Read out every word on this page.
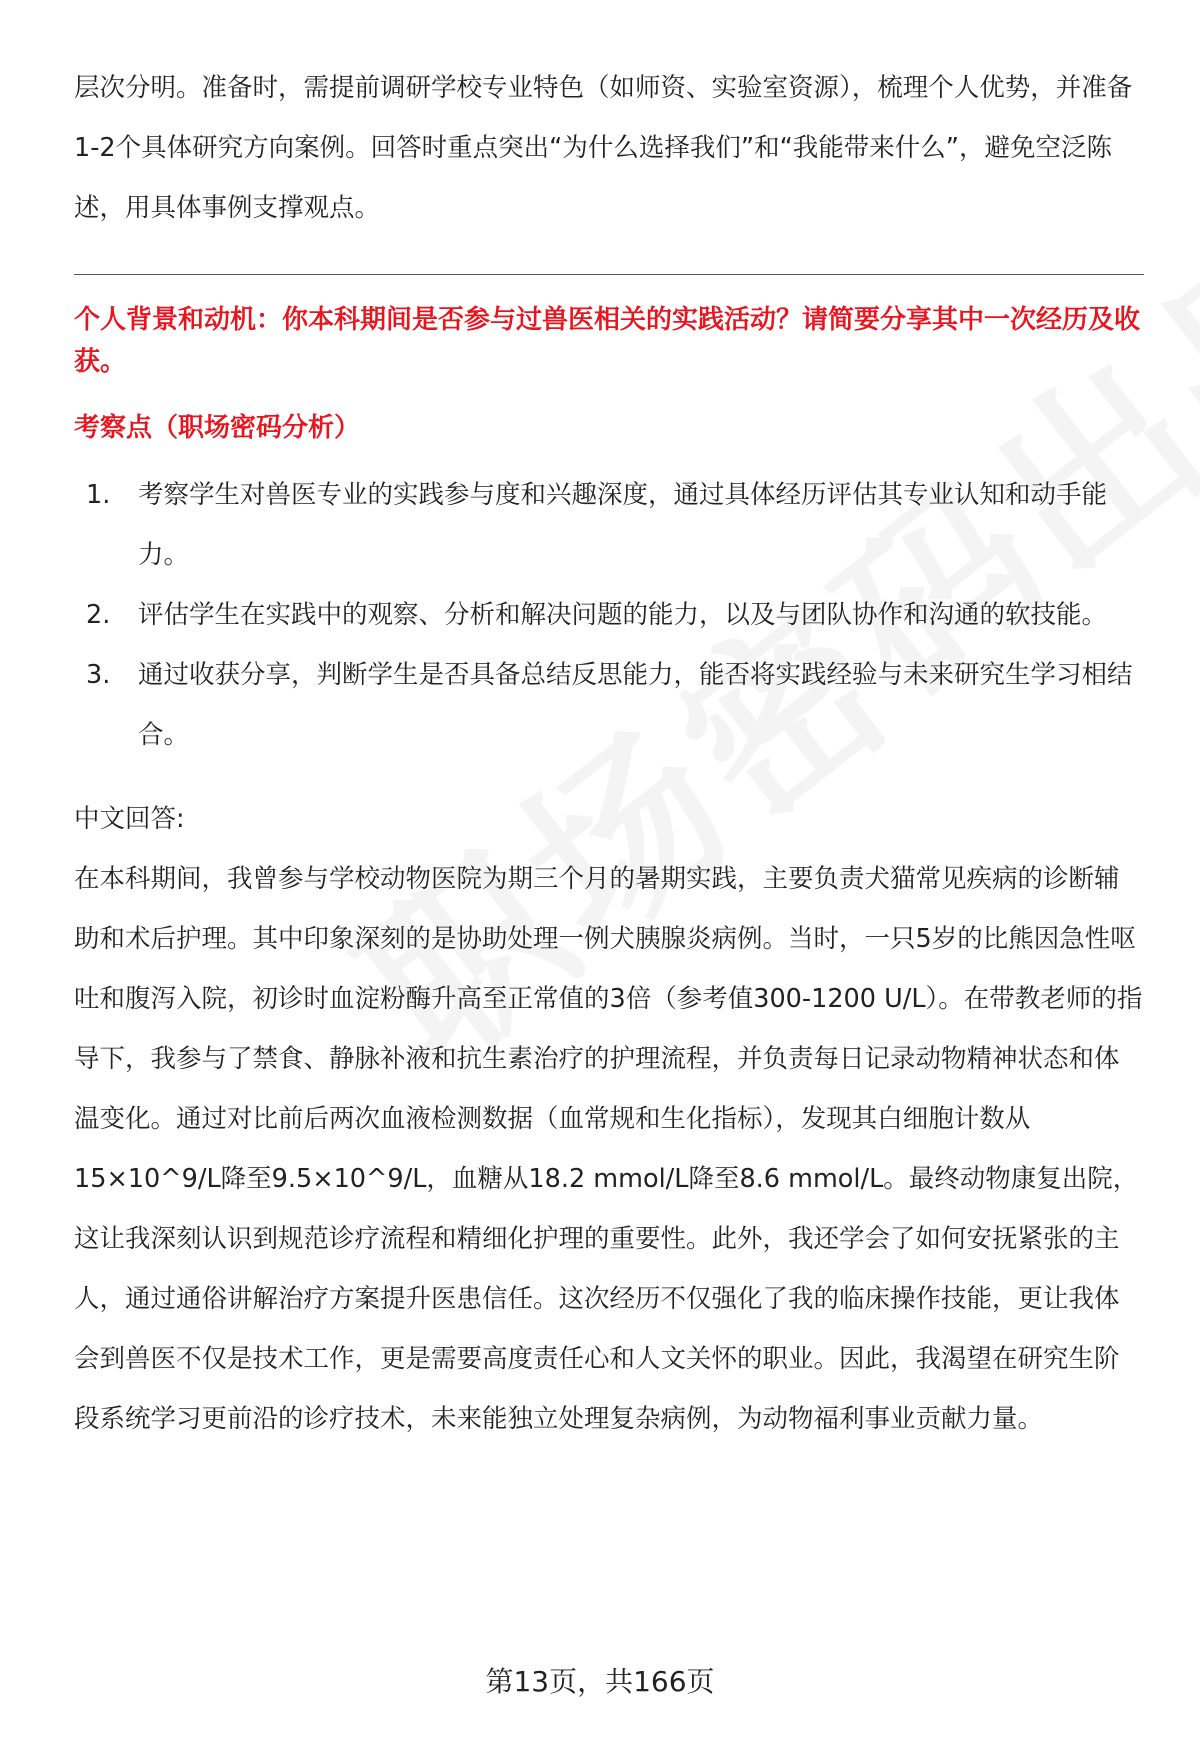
层次分明。准备时，需提前调研学校专业特色（如师资、实验室资源），梳理个人优势，并准备1-2个具体研究方向案例。回答时重点突出“为什么选择我们”和“我能带来什么”，避免空泛陈述，用具体事例支撑观点。

个人背景和动机：你本科期间是否参与过兽医相关的实践活动？请简要分享其中一次经历及收获。

考察点（职场密码分析）

1.	考察学生对兽医专业的实践参与度和兴趣深度，通过具体经历评估其专业认知和动手能力。
2.	评估学生在实践中的观察、分析和解决问题的能力，以及与团队协作和沟通的软技能。
3.	通过收获分享，判断学生是否具备总结反思能力，能否将实践经验与未来研究生学习相结合。

中文回答:

在本科期间，我曾参与学校动物医院为期三个月的暑期实践，主要负责犬猫常见疾病的诊断辅助和术后护理。其中印象深刻的是协助处理一例犬胰腺炎病例。当时，一只5岁的比熊因急性呕吐和腹泻入院，初诊时血淀粉酶升高至正常值的3倍（参考值300-1200 U/L）。在带教老师的指导下，我参与了禁食、静脉补液和抗生素治疗的护理流程，并负责每日记录动物精神状态和体温变化。通过对比前后两次血液检测数据（血常规和生化指标），发现其白细胞计数从15×10^9/L降至9.5×10^9/L，血糖从18.2 mmol/L降至8.6 mmol/L。最终动物康复出院，这让我深刻认识到规范诊疗流程和精细化护理的重要性。此外，我还学会了如何安抚紧张的主人，通过通俗讲解治疗方案提升医患信任。这次经历不仅强化了我的临床操作技能，更让我体会到兽医不仅是技术工作，更是需要高度责任心和人文关怀的职业。因此，我渴望在研究生阶段系统学习更前沿的诊疗技术，未来能独立处理复杂病例，为动物福利事业贡献力量。

第13页，共166页
